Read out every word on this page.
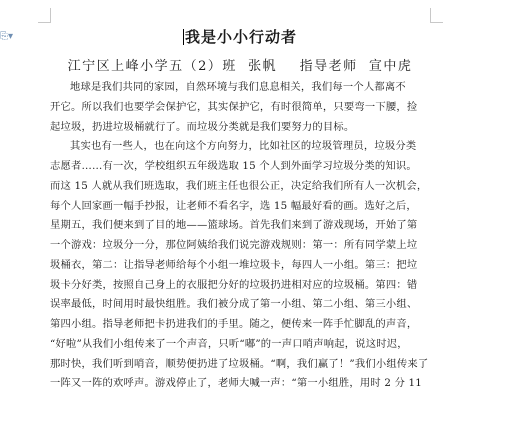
⎘▾	我是小小行动者
江宁区上峰小学五（2）班  张帆    指导老师  宣中虎
地球是我们共同的家园，自然环境与我们息息相关，我们每一个人都离不
开它。所以我们也要学会保护它，其实保护它，有时很简单，只要弯一下腰，捡
起垃圾，扔进垃圾桶就行了。而垃圾分类就是我们要努力的目标。
其实也有一些人，也在向这个方向努力，比如社区的垃圾管理员，垃圾分类
志愿者……有一次，学校组织五年级选取 15 个人到外面学习垃圾分类的知识。
而这 15 人就从我们班选取，我们班主任也很公正，决定给我们所有人一次机会，
每个人回家画一幅手抄报，让老师不看名字，选 15 幅最好看的画。选好之后，
星期五，我们便来到了目的地——篮球场。首先我们来到了游戏现场，开始了第
一个游戏：垃圾分一分，那位阿姨给我们说完游戏规则：第一：所有同学蒙上垃
圾桶衣，第二：让指导老师给每个小组一堆垃圾卡，每四人一小组。第三：把垃
圾卡分好类，按照自己身上的衣服把分好的垃圾扔进相对应的垃圾桶。第四：错
误率最低，时间用时最快组胜。我们被分成了第一小组、第二小组、第三小组、
第四小组。指导老师把卡扔进我们的手里。随之，便传来一阵手忙脚乱的声音，
“好啦”从我们小组传来了一个声音，只听“嘟”的一声口哨声响起，说这时迟，
那时快，我们听到哨音，顺势便扔进了垃圾桶。“啊，我们赢了！”我们小组传来了
一阵又一阵的欢呼声。游戏停止了，老师大喊一声：“第一小组胜，用时 2 分 11
